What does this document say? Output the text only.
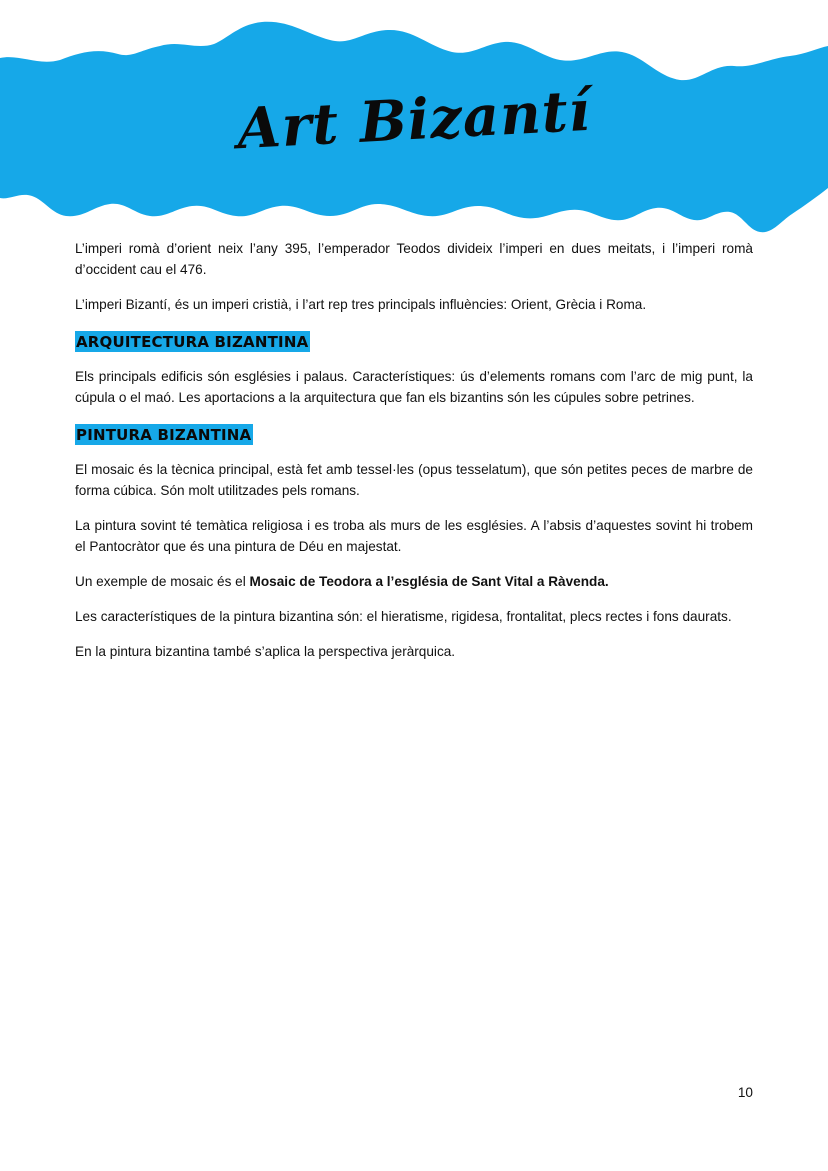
Art Bizantí

L’imperi romà d’orient neix l’any 395, l’emperador Teodos divideix l’imperi en dues meitats, i l’imperi romà d’occident cau el 476.

L’imperi Bizantí, és un imperi cristià, i l’art rep tres principals influències: Orient, Grècia i Roma.

ARQUITECTURA BIZANTINA

Els principals edificis són esglésies i palaus. Característiques: ús d’elements romans com l’arc de mig punt, la cúpula o el maó. Les aportacions a la arquitectura que fan els bizantins són les cúpules sobre petrines.

PINTURA BIZANTINA

El mosaic és la tècnica principal, està fet amb tessel·les (opus tesselatum), que són petites peces de marbre de forma cúbica. Són molt utilitzades pels romans.

La pintura sovint té temàtica religiosa i es troba als murs de les esglésies. A l’absis d’aquestes sovint hi trobem el Pantocràtor que és una pintura de Déu en majestat.

Un exemple de mosaic és el Mosaic de Teodora a l’església de Sant Vital a Ràvenda.

Les característiques de la pintura bizantina són: el hieratisme, rigidesa, frontalitat, plecs rectes i fons daurats.

En la pintura bizantina també s’aplica la perspectiva jeràrquica.

10
